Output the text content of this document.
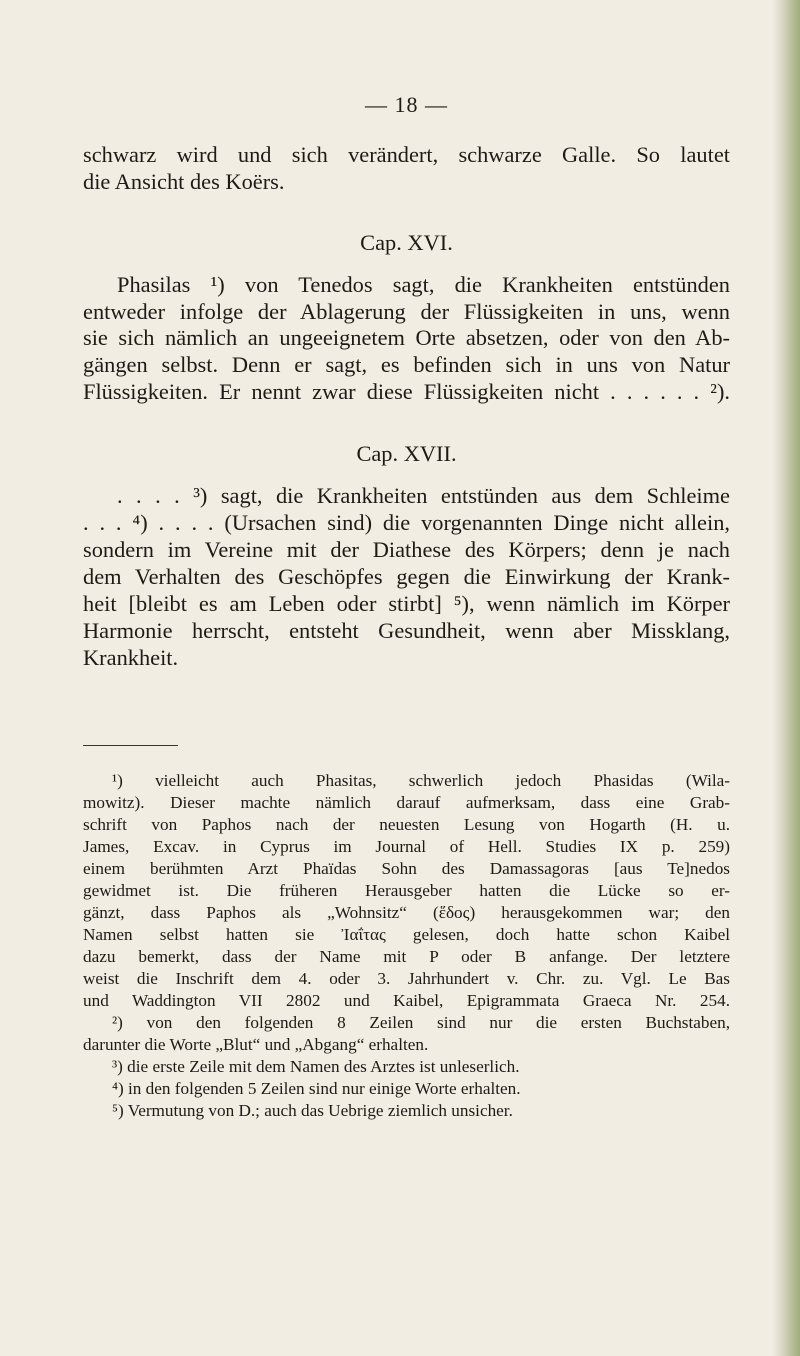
— 18 —
schwarz wird und sich verändert, schwarze Galle. So lautet
die Ansicht des Koërs.
Cap. XVI.
Phasilas ¹) von Tenedos sagt, die Krankheiten entstünden
entweder infolge der Ablagerung der Flüssigkeiten in uns, wenn
sie sich nämlich an ungeeignetem Orte absetzen, oder von den Ab-
gängen selbst. Denn er sagt, es befinden sich in uns von Natur
Flüssigkeiten. Er nennt zwar diese Flüssigkeiten nicht . . . . . . ²).
Cap. XVII.
. . . . ³) sagt, die Krankheiten entstünden aus dem Schleime
. . . ⁴) . . . . (Ursachen sind) die vorgenannten Dinge nicht allein,
sondern im Vereine mit der Diathese des Körpers; denn je nach
dem Verhalten des Geschöpfes gegen die Einwirkung der Krank-
heit [bleibt es am Leben oder stirbt] ⁵), wenn nämlich im Körper
Harmonie herrscht, entsteht Gesundheit, wenn aber Missklang,
Krankheit.
¹) vielleicht auch Phasitas, schwerlich jedoch Phasidas (Wila-
mowitz). Dieser machte nämlich darauf aufmerksam, dass eine Grab-
schrift von Paphos nach der neuesten Lesung von Hogarth (H. u.
James, Excav. in Cyprus im Journal of Hell. Studies IX p. 259)
einem berühmten Arzt Phaïdas Sohn des Damassagoras [aus Te]nedos
gewidmet ist. Die früheren Herausgeber hatten die Lücke so er-
gänzt, dass Paphos als „Wohnsitz“ (ἕδος) herausgekommen war; den
Namen selbst hatten sie Ἰαΐτας gelesen, doch hatte schon Kaibel
dazu bemerkt, dass der Name mit P oder B anfange. Der letztere
weist die Inschrift dem 4. oder 3. Jahrhundert v. Chr. zu. Vgl. Le Bas
und Waddington VII 2802 und Kaibel, Epigrammata Graeca Nr. 254.
²) von den folgenden 8 Zeilen sind nur die ersten Buchstaben,
darunter die Worte „Blut“ und „Abgang“ erhalten.
³) die erste Zeile mit dem Namen des Arztes ist unleserlich.
⁴) in den folgenden 5 Zeilen sind nur einige Worte erhalten.
⁵) Vermutung von D.; auch das Uebrige ziemlich unsicher.
